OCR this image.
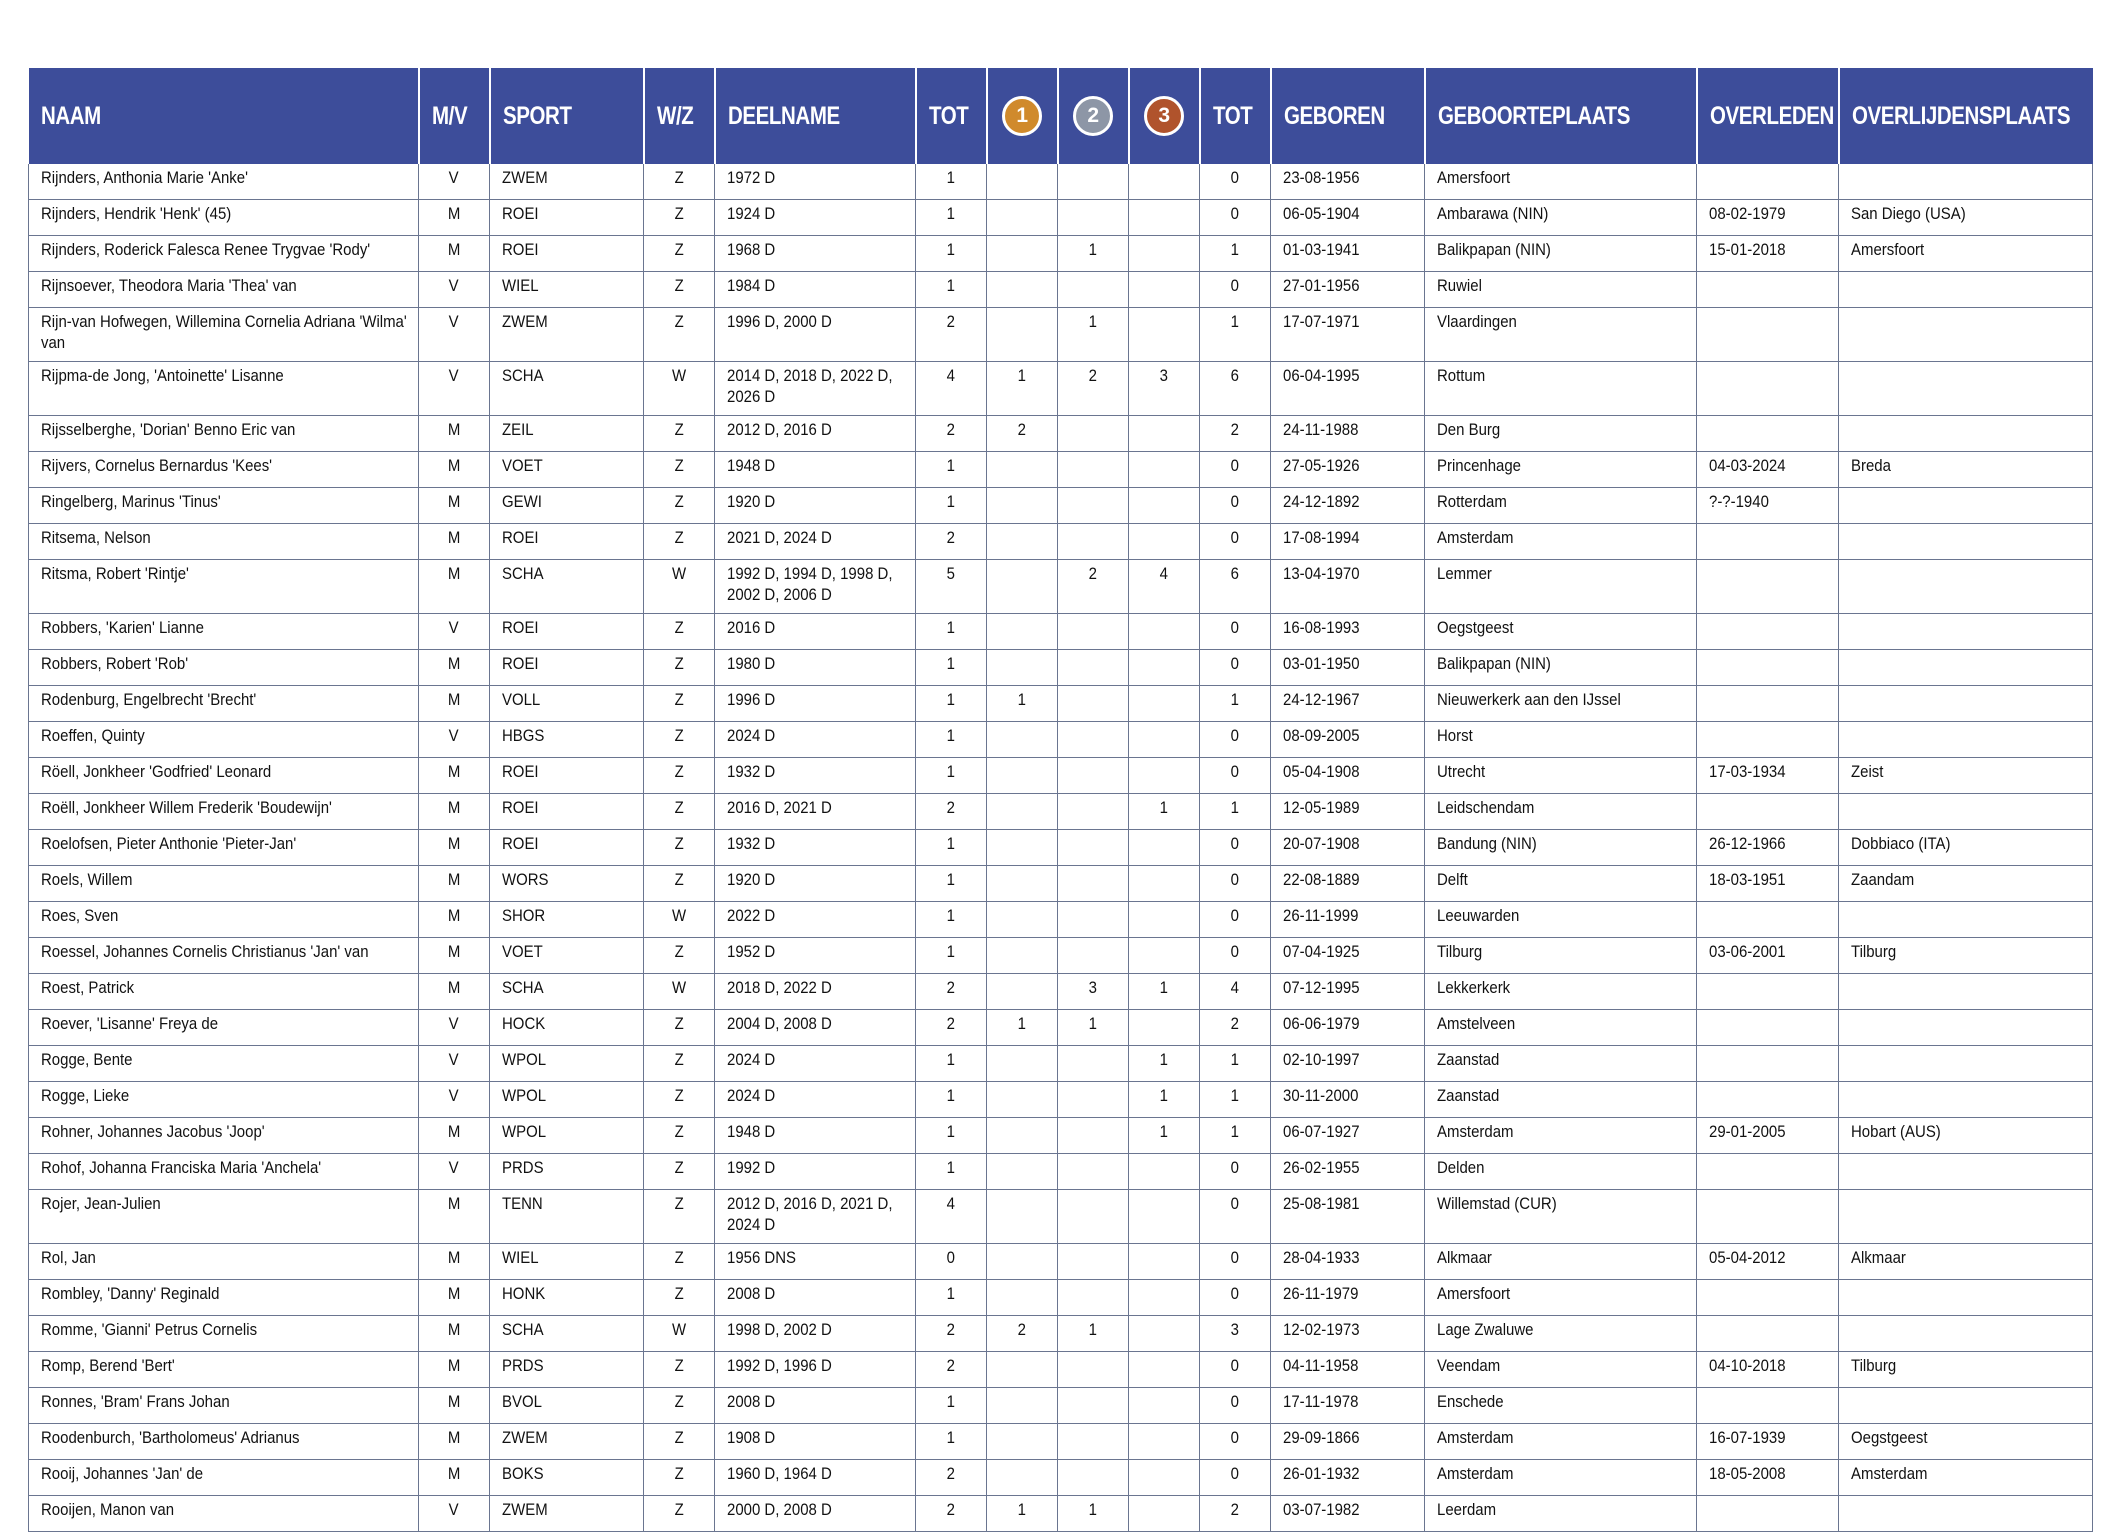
NAAM	M/V	SPORT	W/Z	DEELNAME	TOT	1	2	3	TOT	GEBOREN	GEBOORTEPLAATS	OVERLEDEN	OVERLIJDENSPLAATS

Rijnders, Anthonia Marie 'Anke'	V	ZWEM	Z	1972 D	1				0	23-08-1956	Amersfoort		

Rijnders, Hendrik 'Henk' (45)	M	ROEI	Z	1924 D	1				0	06-05-1904	Ambarawa (NIN)	08-02-1979	San Diego (USA)

Rijnders, Roderick Falesca Renee Trygvae 'Rody'	M	ROEI	Z	1968 D	1		1		1	01-03-1941	Balikpapan (NIN)	15-01-2018	Amersfoort

Rijnsoever, Theodora Maria 'Thea' van	V	WIEL	Z	1984 D	1				0	27-01-1956	Ruwiel		

Rijn-van Hofwegen, Willemina Cornelia Adriana 'Wilma' van	V	ZWEM	Z	1996 D, 2000 D	2		1		1	17-07-1971	Vlaardingen		

Rijpma-de Jong, 'Antoinette' Lisanne	V	SCHA	W	2014 D, 2018 D, 2022 D, 2026 D	4	1	2	3	6	06-04-1995	Rottum		

Rijsselberghe, 'Dorian' Benno Eric van	M	ZEIL	Z	2012 D, 2016 D	2	2			2	24-11-1988	Den Burg		

Rijvers, Cornelus Bernardus 'Kees'	M	VOET	Z	1948 D	1				0	27-05-1926	Princenhage	04-03-2024	Breda

Ringelberg, Marinus 'Tinus'	M	GEWI	Z	1920 D	1				0	24-12-1892	Rotterdam	?-?-1940	

Ritsema, Nelson	M	ROEI	Z	2021 D, 2024 D	2				0	17-08-1994	Amsterdam		

Ritsma, Robert 'Rintje'	M	SCHA	W	1992 D, 1994 D, 1998 D, 2002 D, 2006 D	5		2	4	6	13-04-1970	Lemmer		

Robbers, 'Karien' Lianne	V	ROEI	Z	2016 D	1				0	16-08-1993	Oegstgeest		

Robbers, Robert 'Rob'	M	ROEI	Z	1980 D	1				0	03-01-1950	Balikpapan (NIN)		

Rodenburg, Engelbrecht 'Brecht'	M	VOLL	Z	1996 D	1	1			1	24-12-1967	Nieuwerkerk aan den IJssel		

Roeffen, Quinty	V	HBGS	Z	2024 D	1				0	08-09-2005	Horst		

Röell, Jonkheer 'Godfried' Leonard	M	ROEI	Z	1932 D	1				0	05-04-1908	Utrecht	17-03-1934	Zeist

Roëll, Jonkheer Willem Frederik 'Boudewijn'	M	ROEI	Z	2016 D, 2021 D	2			1	1	12-05-1989	Leidschendam		

Roelofsen, Pieter Anthonie 'Pieter-Jan'	M	ROEI	Z	1932 D	1				0	20-07-1908	Bandung (NIN)	26-12-1966	Dobbiaco (ITA)

Roels, Willem	M	WORS	Z	1920 D	1				0	22-08-1889	Delft	18-03-1951	Zaandam

Roes, Sven	M	SHOR	W	2022 D	1				0	26-11-1999	Leeuwarden		

Roessel, Johannes Cornelis Christianus 'Jan' van	M	VOET	Z	1952 D	1				0	07-04-1925	Tilburg	03-06-2001	Tilburg

Roest, Patrick	M	SCHA	W	2018 D, 2022 D	2		3	1	4	07-12-1995	Lekkerkerk		

Roever, 'Lisanne' Freya de	V	HOCK	Z	2004 D, 2008 D	2	1	1		2	06-06-1979	Amstelveen		

Rogge, Bente	V	WPOL	Z	2024 D	1			1	1	02-10-1997	Zaanstad		

Rogge, Lieke	V	WPOL	Z	2024 D	1			1	1	30-11-2000	Zaanstad		

Rohner, Johannes Jacobus 'Joop'	M	WPOL	Z	1948 D	1			1	1	06-07-1927	Amsterdam	29-01-2005	Hobart (AUS)

Rohof, Johanna Franciska Maria 'Anchela'	V	PRDS	Z	1992 D	1				0	26-02-1955	Delden		

Rojer, Jean-Julien	M	TENN	Z	2012 D, 2016 D, 2021 D, 2024 D	4				0	25-08-1981	Willemstad (CUR)		

Rol, Jan	M	WIEL	Z	1956 DNS	0				0	28-04-1933	Alkmaar	05-04-2012	Alkmaar

Rombley, 'Danny' Reginald	M	HONK	Z	2008 D	1				0	26-11-1979	Amersfoort		

Romme, 'Gianni' Petrus Cornelis	M	SCHA	W	1998 D, 2002 D	2	2	1		3	12-02-1973	Lage Zwaluwe		

Romp, Berend 'Bert'	M	PRDS	Z	1992 D, 1996 D	2				0	04-11-1958	Veendam	04-10-2018	Tilburg

Ronnes, 'Bram' Frans Johan	M	BVOL	Z	2008 D	1				0	17-11-1978	Enschede		

Roodenburch, 'Bartholomeus' Adrianus	M	ZWEM	Z	1908 D	1				0	29-09-1866	Amsterdam	16-07-1939	Oegstgeest

Rooij, Johannes 'Jan' de	M	BOKS	Z	1960 D, 1964 D	2				0	26-01-1932	Amsterdam	18-05-2008	Amsterdam

Rooijen, Manon van	V	ZWEM	Z	2000 D, 2008 D	2	1	1		2	03-07-1982	Leerdam		
